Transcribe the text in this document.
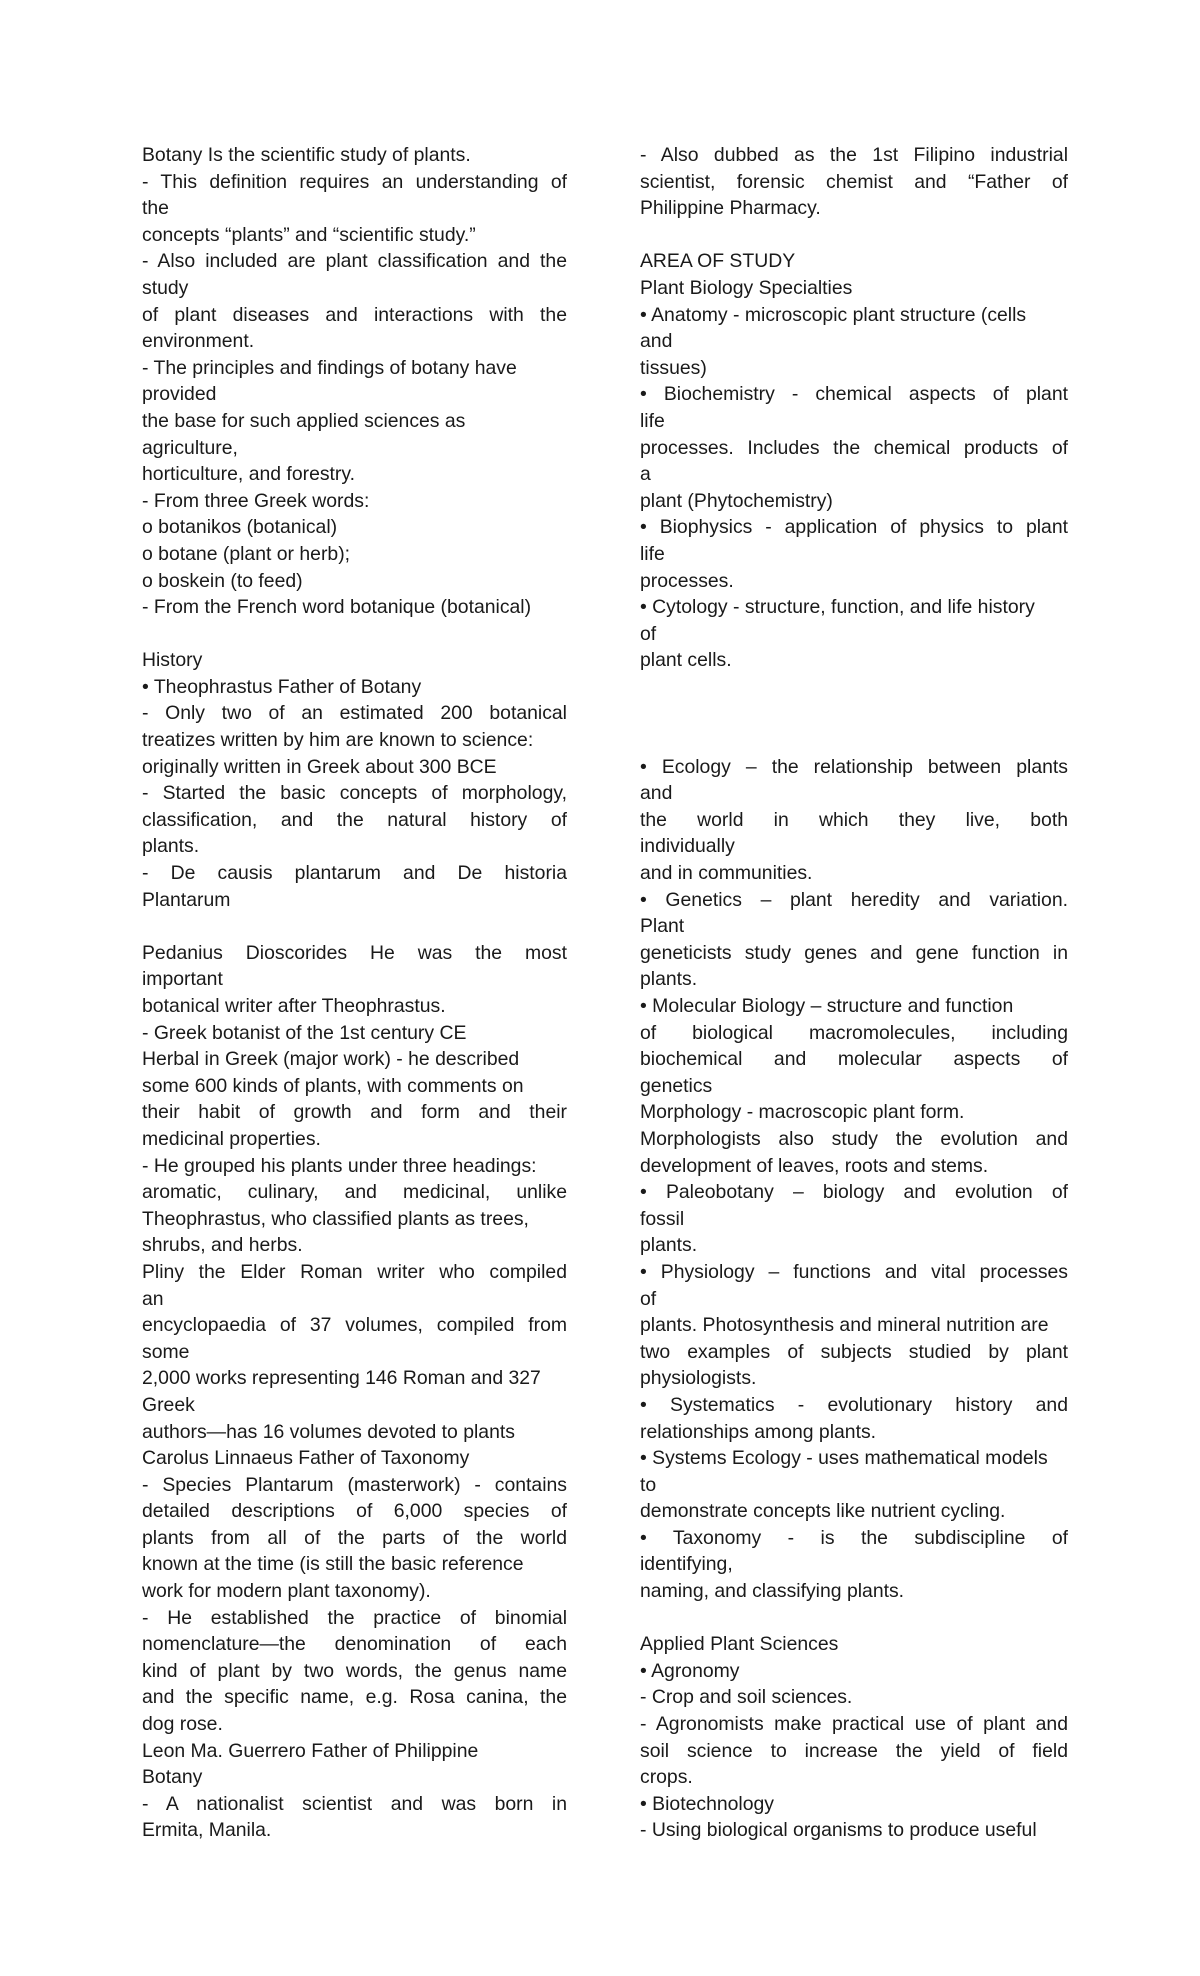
Botany Is the scientific study of plants.
- This definition requires an understanding of
the
concepts “plants” and “scientific study.”
- Also included are plant classification and the
study
of plant diseases and interactions with the
environment.
- The principles and findings of botany have
provided
the base for such applied sciences as
agriculture,
horticulture, and forestry.
- From three Greek words:
o botanikos (botanical)
o botane (plant or herb);
o boskein (to feed)
- From the French word botanique (botanical)
History
• Theophrastus Father of Botany
- Only two of an estimated 200 botanical
treatizes written by him are known to science:
originally written in Greek about 300 BCE
- Started the basic concepts of morphology,
classification, and the natural history of
plants.
- De causis plantarum and De historia
Plantarum
Pedanius Dioscorides He was the most
important
botanical writer after Theophrastus.
- Greek botanist of the 1st century CE
Herbal in Greek (major work) - he described
some 600 kinds of plants, with comments on
their habit of growth and form and their
medicinal properties.
- He grouped his plants under three headings:
aromatic, culinary, and medicinal, unlike
Theophrastus, who classified plants as trees,
shrubs, and herbs.
Pliny the Elder Roman writer who compiled
an
encyclopaedia of 37 volumes, compiled from
some
2,000 works representing 146 Roman and 327
Greek
authors—has 16 volumes devoted to plants
Carolus Linnaeus Father of Taxonomy
- Species Plantarum (masterwork) - contains
detailed descriptions of 6,000 species of
plants from all of the parts of the world
known at the time (is still the basic reference
work for modern plant taxonomy).
- He established the practice of binomial
nomenclature—the denomination of each
kind of plant by two words, the genus name
and the specific name, e.g. Rosa canina, the
dog rose.
Leon Ma. Guerrero Father of Philippine
Botany
- A nationalist scientist and was born in
Ermita, Manila.
- Also dubbed as the 1st Filipino industrial
scientist, forensic chemist and “Father of
Philippine Pharmacy.
AREA OF STUDY
Plant Biology Specialties
• Anatomy - microscopic plant structure (cells
and
tissues)
• Biochemistry - chemical aspects of plant
life
processes. Includes the chemical products of
a
plant (Phytochemistry)
• Biophysics - application of physics to plant
life
processes.
• Cytology - structure, function, and life history
of
plant cells.
• Ecology – the relationship between plants
and
the world in which they live, both
individually
and in communities.
• Genetics – plant heredity and variation.
Plant
geneticists study genes and gene function in
plants.
• Molecular Biology – structure and function
of biological macromolecules, including
biochemical and molecular aspects of
genetics
Morphology - macroscopic plant form.
Morphologists also study the evolution and
development of leaves, roots and stems.
• Paleobotany – biology and evolution of
fossil
plants.
• Physiology – functions and vital processes
of
plants. Photosynthesis and mineral nutrition are
two examples of subjects studied by plant
physiologists.
• Systematics - evolutionary history and
relationships among plants.
• Systems Ecology - uses mathematical models
to
demonstrate concepts like nutrient cycling.
• Taxonomy - is the subdiscipline of
identifying,
naming, and classifying plants.
Applied Plant Sciences
• Agronomy
- Crop and soil sciences.
- Agronomists make practical use of plant and
soil science to increase the yield of field
crops.
• Biotechnology
- Using biological organisms to produce useful
